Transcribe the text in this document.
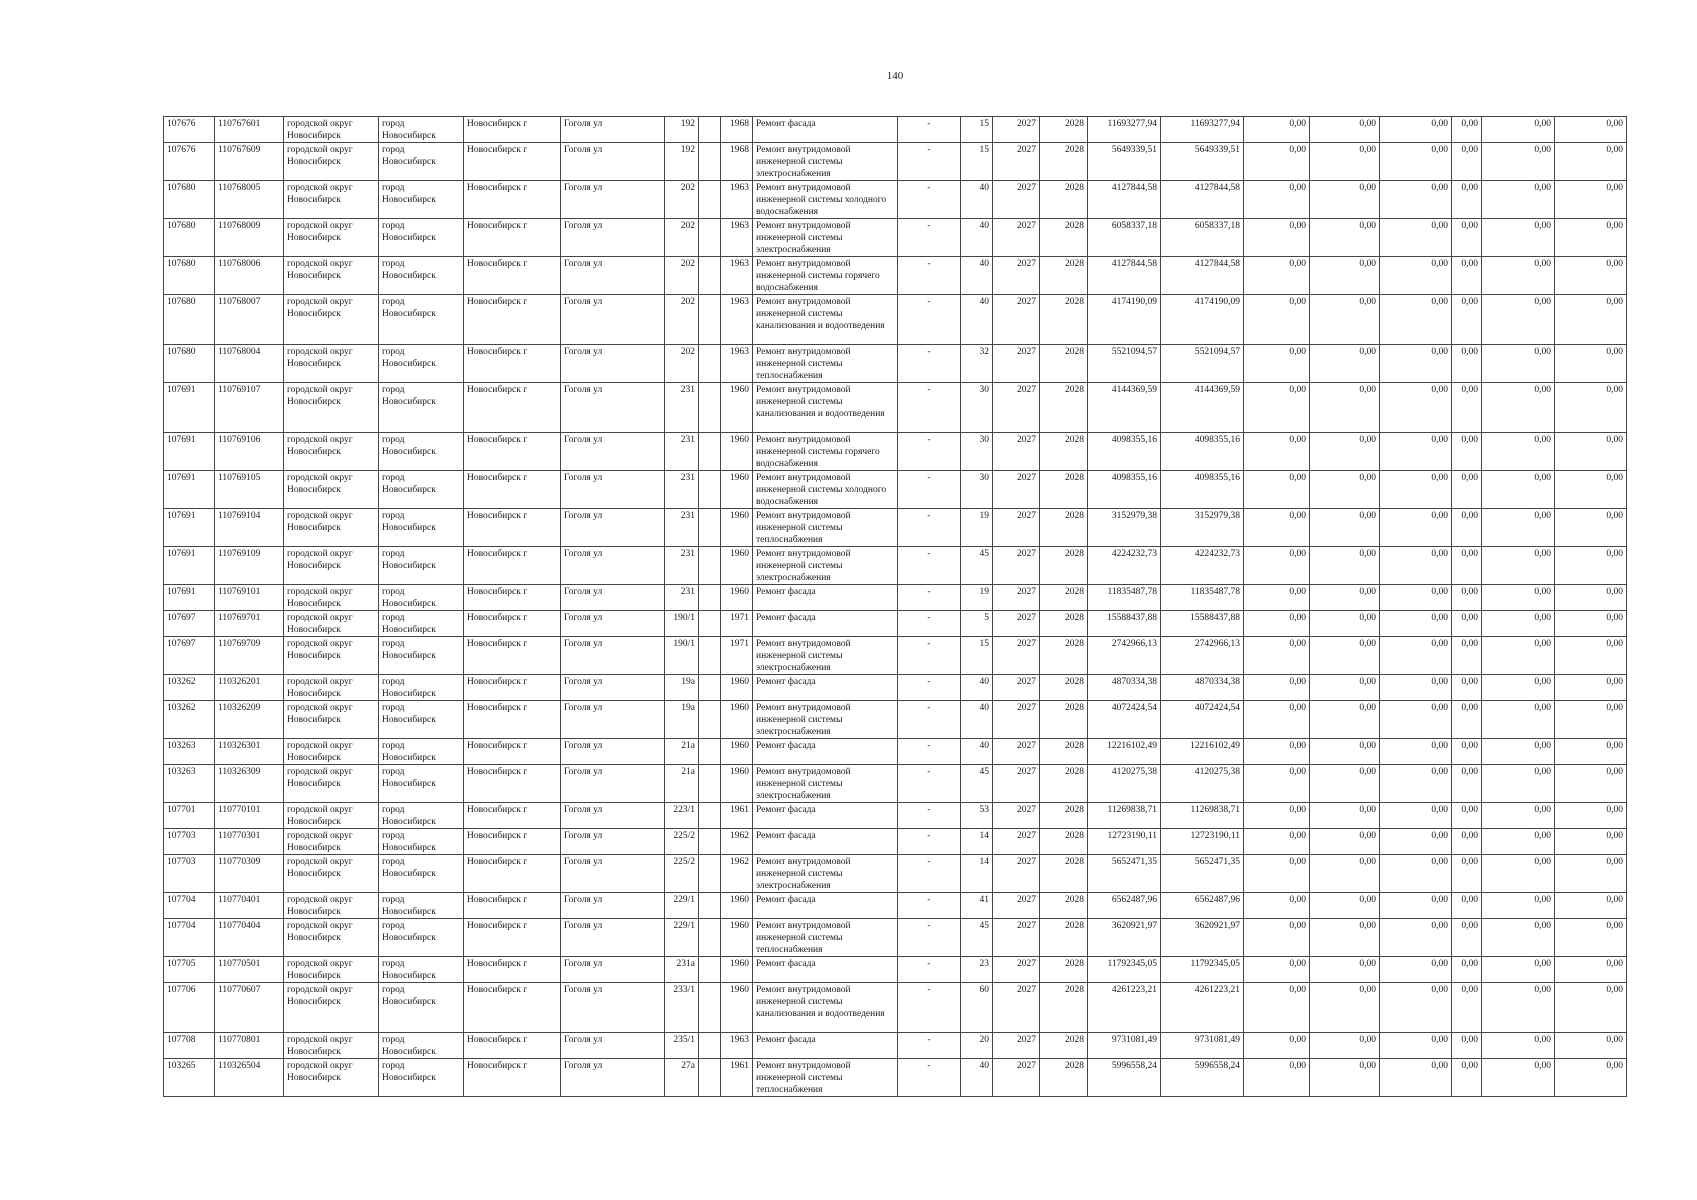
140
107676	110767601	городской округ Новосибирск	город Новосибирск	Новосибирск г	Гоголя ул	192		1968	Ремонт фасада	-	15	2027	2028	11693277,94	11693277,94	0,00	0,00	0,00	0,00	0,00	0,00
107676	110767609	городской округ Новосибирск	город Новосибирск	Новосибирск г	Гоголя ул	192		1968	Ремонт внутридомовой инженерной системы электроснабжения	-	15	2027	2028	5649339,51	5649339,51	0,00	0,00	0,00	0,00	0,00	0,00
107680	110768005	городской округ Новосибирск	город Новосибирск	Новосибирск г	Гоголя ул	202		1963	Ремонт внутридомовой инженерной системы холодного водоснабжения	-	40	2027	2028	4127844,58	4127844,58	0,00	0,00	0,00	0,00	0,00	0,00
107680	110768009	городской округ Новосибирск	город Новосибирск	Новосибирск г	Гоголя ул	202		1963	Ремонт внутридомовой инженерной системы электроснабжения	-	40	2027	2028	6058337,18	6058337,18	0,00	0,00	0,00	0,00	0,00	0,00
107680	110768006	городской округ Новосибирск	город Новосибирск	Новосибирск г	Гоголя ул	202		1963	Ремонт внутридомовой инженерной системы горячего водоснабжения	-	40	2027	2028	4127844,58	4127844,58	0,00	0,00	0,00	0,00	0,00	0,00
107680	110768007	городской округ Новосибирск	город Новосибирск	Новосибирск г	Гоголя ул	202		1963	Ремонт внутридомовой инженерной системы канализования и водоотведения	-	40	2027	2028	4174190,09	4174190,09	0,00	0,00	0,00	0,00	0,00	0,00
107680	110768004	городской округ Новосибирск	город Новосибирск	Новосибирск г	Гоголя ул	202		1963	Ремонт внутридомовой инженерной системы теплоснабжения	-	32	2027	2028	5521094,57	5521094,57	0,00	0,00	0,00	0,00	0,00	0,00
107691	110769107	городской округ Новосибирск	город Новосибирск	Новосибирск г	Гоголя ул	231		1960	Ремонт внутридомовой инженерной системы канализования и водоотведения	-	30	2027	2028	4144369,59	4144369,59	0,00	0,00	0,00	0,00	0,00	0,00
107691	110769106	городской округ Новосибирск	город Новосибирск	Новосибирск г	Гоголя ул	231		1960	Ремонт внутридомовой инженерной системы горячего водоснабжения	-	30	2027	2028	4098355,16	4098355,16	0,00	0,00	0,00	0,00	0,00	0,00
107691	110769105	городской округ Новосибирск	город Новосибирск	Новосибирск г	Гоголя ул	231		1960	Ремонт внутридомовой инженерной системы холодного водоснабжения	-	30	2027	2028	4098355,16	4098355,16	0,00	0,00	0,00	0,00	0,00	0,00
107691	110769104	городской округ Новосибирск	город Новосибирск	Новосибирск г	Гоголя ул	231		1960	Ремонт внутридомовой инженерной системы теплоснабжения	-	19	2027	2028	3152979,38	3152979,38	0,00	0,00	0,00	0,00	0,00	0,00
107691	110769109	городской округ Новосибирск	город Новосибирск	Новосибирск г	Гоголя ул	231		1960	Ремонт внутридомовой инженерной системы электроснабжения	-	45	2027	2028	4224232,73	4224232,73	0,00	0,00	0,00	0,00	0,00	0,00
107691	110769101	городской округ Новосибирск	город Новосибирск	Новосибирск г	Гоголя ул	231		1960	Ремонт фасада	-	19	2027	2028	11835487,78	11835487,78	0,00	0,00	0,00	0,00	0,00	0,00
107697	110769701	городской округ Новосибирск	город Новосибирск	Новосибирск г	Гоголя ул	190/1		1971	Ремонт фасада	-	5	2027	2028	15588437,88	15588437,88	0,00	0,00	0,00	0,00	0,00	0,00
107697	110769709	городской округ Новосибирск	город Новосибирск	Новосибирск г	Гоголя ул	190/1		1971	Ремонт внутридомовой инженерной системы электроснабжения	-	15	2027	2028	2742966,13	2742966,13	0,00	0,00	0,00	0,00	0,00	0,00
103262	110326201	городской округ Новосибирск	город Новосибирск	Новосибирск г	Гоголя ул	19а		1960	Ремонт фасада	-	40	2027	2028	4870334,38	4870334,38	0,00	0,00	0,00	0,00	0,00	0,00
103262	110326209	городской округ Новосибирск	город Новосибирск	Новосибирск г	Гоголя ул	19а		1960	Ремонт внутридомовой инженерной системы электроснабжения	-	40	2027	2028	4072424,54	4072424,54	0,00	0,00	0,00	0,00	0,00	0,00
103263	110326301	городской округ Новосибирск	город Новосибирск	Новосибирск г	Гоголя ул	21а		1960	Ремонт фасада	-	40	2027	2028	12216102,49	12216102,49	0,00	0,00	0,00	0,00	0,00	0,00
103263	110326309	городской округ Новосибирск	город Новосибирск	Новосибирск г	Гоголя ул	21а		1960	Ремонт внутридомовой инженерной системы электроснабжения	-	45	2027	2028	4120275,38	4120275,38	0,00	0,00	0,00	0,00	0,00	0,00
107701	110770101	городской округ Новосибирск	город Новосибирск	Новосибирск г	Гоголя ул	223/1		1961	Ремонт фасада	-	53	2027	2028	11269838,71	11269838,71	0,00	0,00	0,00	0,00	0,00	0,00
107703	110770301	городской округ Новосибирск	город Новосибирск	Новосибирск г	Гоголя ул	225/2		1962	Ремонт фасада	-	14	2027	2028	12723190,11	12723190,11	0,00	0,00	0,00	0,00	0,00	0,00
107703	110770309	городской округ Новосибирск	город Новосибирск	Новосибирск г	Гоголя ул	225/2		1962	Ремонт внутридомовой инженерной системы электроснабжения	-	14	2027	2028	5652471,35	5652471,35	0,00	0,00	0,00	0,00	0,00	0,00
107704	110770401	городской округ Новосибирск	город Новосибирск	Новосибирск г	Гоголя ул	229/1		1960	Ремонт фасада	-	41	2027	2028	6562487,96	6562487,96	0,00	0,00	0,00	0,00	0,00	0,00
107704	110770404	городской округ Новосибирск	город Новосибирск	Новосибирск г	Гоголя ул	229/1		1960	Ремонт внутридомовой инженерной системы теплоснабжения	-	45	2027	2028	3620921,97	3620921,97	0,00	0,00	0,00	0,00	0,00	0,00
107705	110770501	городской округ Новосибирск	город Новосибирск	Новосибирск г	Гоголя ул	231а		1960	Ремонт фасада	-	23	2027	2028	11792345,05	11792345,05	0,00	0,00	0,00	0,00	0,00	0,00
107706	110770607	городской округ Новосибирск	город Новосибирск	Новосибирск г	Гоголя ул	233/1		1960	Ремонт внутридомовой инженерной системы канализования и водоотведения	-	60	2027	2028	4261223,21	4261223,21	0,00	0,00	0,00	0,00	0,00	0,00
107708	110770801	городской округ Новосибирск	город Новосибирск	Новосибирск г	Гоголя ул	235/1		1963	Ремонт фасада	-	20	2027	2028	9731081,49	9731081,49	0,00	0,00	0,00	0,00	0,00	0,00
103265	110326504	городской округ Новосибирск	город Новосибирск	Новосибирск г	Гоголя ул	27а		1961	Ремонт внутридомовой инженерной системы теплоснабжения	-	40	2027	2028	5996558,24	5996558,24	0,00	0,00	0,00	0,00	0,00	0,00
